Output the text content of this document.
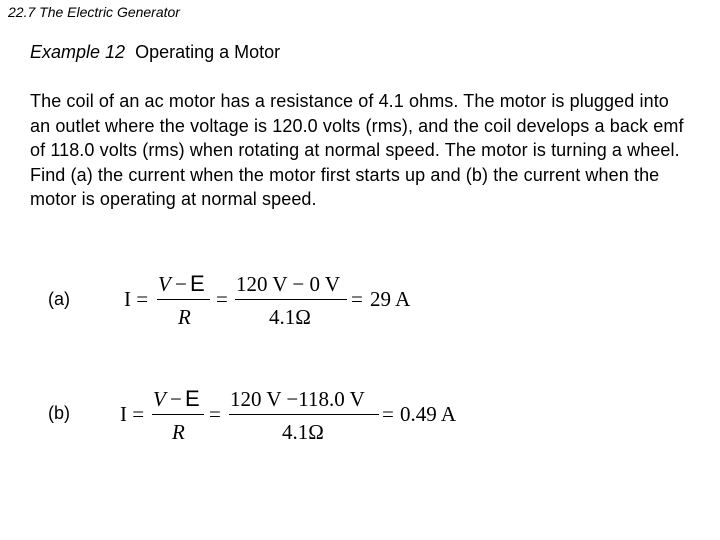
22.7 The Electric Generator
Example 12 Operating a Motor
The coil of an ac motor has a resistance of 4.1 ohms. The motor is plugged into an outlet where the voltage is 120.0 volts (rms), and the coil develops a back emf of 118.0 volts (rms) when rotating at normal speed. The motor is turning a wheel. Find (a) the current when the motor first starts up and (b) the current when the motor is operating at normal speed.
(a)	I =
V − E
R
=
120 V − 0 V
4.1Ω
= 29 A
(b) I =
V − E
R
=
120 V −118.0 V
4.1Ω
= 0.49 A
